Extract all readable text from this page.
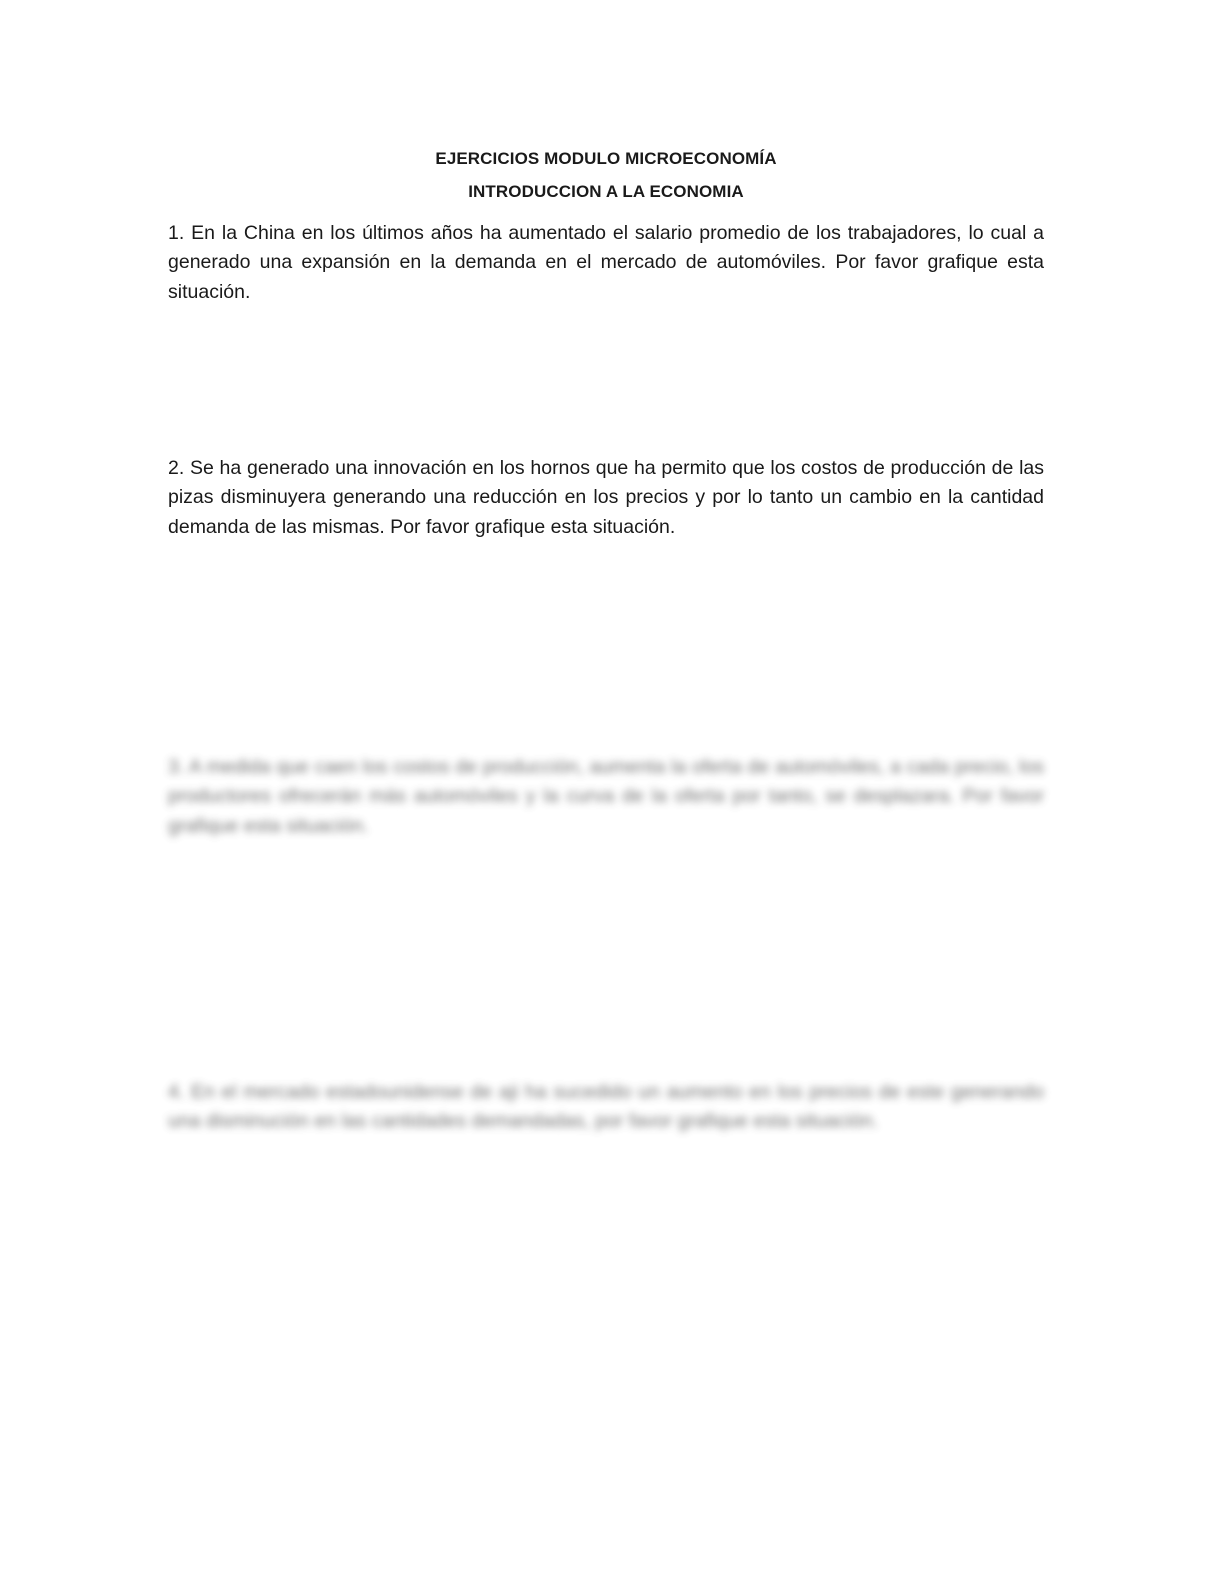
EJERCICIOS MODULO MICROECONOMÍA
INTRODUCCION A LA ECONOMIA
1. En la China en los últimos años ha aumentado el salario promedio de los trabajadores, lo cual a generado una expansión en la demanda en el mercado de automóviles. Por favor grafique esta situación.
2. Se ha generado una innovación en los hornos que ha permito que los costos de producción de las pizas disminuyera generando una reducción en los precios y por lo tanto un cambio en la cantidad demanda de las mismas. Por favor grafique esta situación.
3. A medida que caen los costos de producción, aumenta la oferta de automóviles, a cada precio, los productores ofrecerán más automóviles y la curva de la oferta por tanto, se desplazara. Por favor grafique esta situación.
4. En el mercado estadounidense de aji ha sucedido un aumento en los precios de este generando una disminución en las cantidades demandadas, por favor grafique esta situación.
